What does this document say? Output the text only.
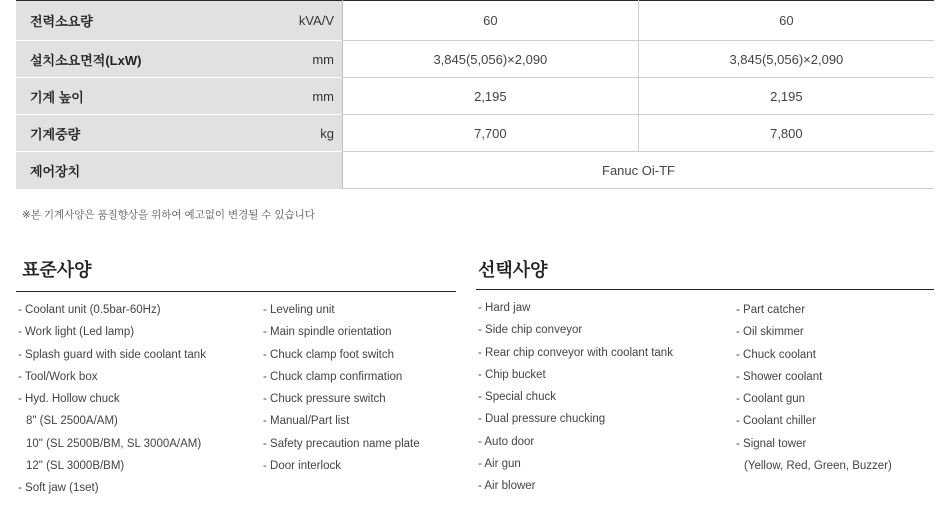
전력소요량	kVA/V	60	60
설치소요면적(LxW)	mm	3,845(5,056)×2,090	3,845(5,056)×2,090
기계 높이	mm	2,195	2,195
기계중량	kg	7,700	7,800
제어장치		Fanuc Oi-TF	
※본 기계사양은 품질향상을 위하여 예고없이 변경될 수 있습니다
표준사양	선택사양
- Coolant unit (0.5bar-60Hz)
- Work light (Led lamp)
- Splash guard with side coolant tank
- Tool/Work box
- Hyd. Hollow chuck
8" (SL 2500A/AM)
10" (SL 2500B/BM, SL 3000A/AM)
12" (SL 3000B/BM)
- Soft jaw (1set)
- Leveling unit
- Main spindle orientation
- Chuck clamp foot switch
- Chuck clamp confirmation
- Chuck pressure switch
- Manual/Part list
- Safety precaution name plate
- Door interlock
- Hard jaw
- Side chip conveyor
- Rear chip conveyor with coolant tank
- Chip bucket
- Special chuck
- Dual pressure chucking
- Auto door
- Air gun
- Air blower
- Part catcher
- Oil skimmer
- Chuck coolant
- Shower coolant
- Coolant gun
- Coolant chiller
- Signal tower
(Yellow, Red, Green, Buzzer)
